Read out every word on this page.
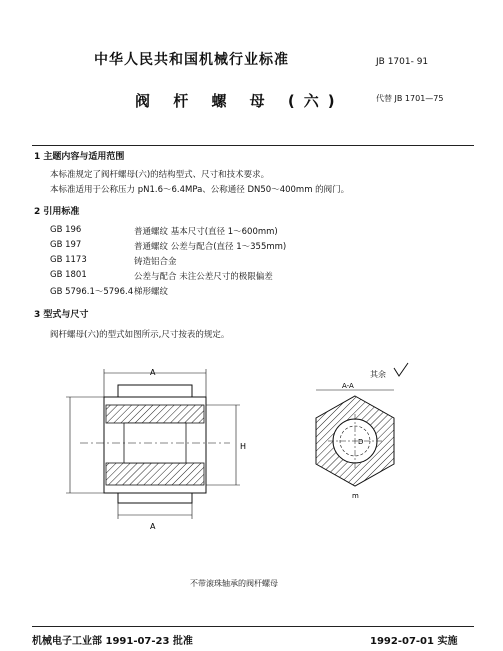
中华人民共和国机械行业标准	JB 1701- 91
阀 杆 螺 母 (六)	代替 JB 1701—75
1 主题内容与适用范围
本标准规定了阀杆螺母(六)的结构型式、尺寸和技术要求。
本标准适用于公称压力 pN1.6～6.4MPa、公称通径 DN50～400mm 的阀门。
2 引用标准
GB 196	普通螺纹 基本尺寸(直径 1～600mm)
GB 197	普通螺纹 公差与配合(直径 1～355mm)
GB 1173	铸造铝合金
GB 1801	公差与配合 未注公差尺寸的极限偏差
GB 5796.1～5796.4 梯形螺纹
3 型式与尺寸
阀杆螺母(六)的型式如图所示,尺寸按表的规定。
A
H
A
其余
A-A
D
m
不带滚珠轴承的阀杆螺母
机械电子工业部 1991-07-23 批准	1992-07-01 实施
